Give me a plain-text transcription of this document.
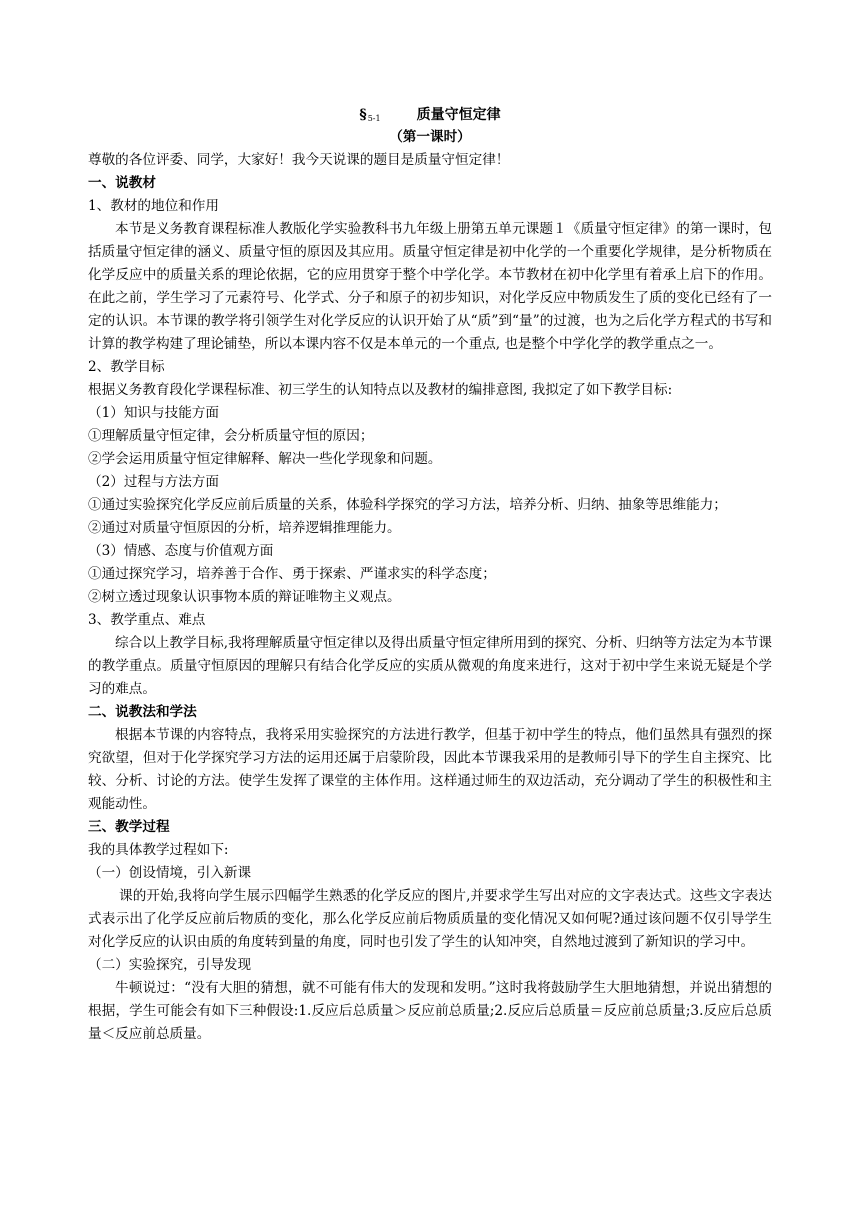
§5-1	质量守恒定律
（第一课时）

尊敬的各位评委、同学，大家好！我今天说课的题目是质量守恒定律！

一、说教材

1、教材的地位和作用

本节是义务教育课程标准人教版化学实验教科书九年级上册第五单元课题１《质量守恒定律》的第一课时，包括质量守恒定律的涵义、质量守恒的原因及其应用。质量守恒定律是初中化学的一个重要化学规律，是分析物质在化学反应中的质量关系的理论依据，它的应用贯穿于整个中学化学。本节教材在初中化学里有着承上启下的作用。在此之前，学生学习了元素符号、化学式、分子和原子的初步知识，对化学反应中物质发生了质的变化已经有了一定的认识。本节课的教学将引领学生对化学反应的认识开始了从“质”到“量”的过渡，也为之后化学方程式的书写和计算的教学构建了理论铺垫，所以本课内容不仅是本单元的一个重点, 也是整个中学化学的教学重点之一。

2、教学目标

根据义务教育段化学课程标准、初三学生的认知特点以及教材的编排意图, 我拟定了如下教学目标:

（1）知识与技能方面

①理解质量守恒定律，会分析质量守恒的原因；

②学会运用质量守恒定律解释、解决一些化学现象和问题。

（2）过程与方法方面

①通过实验探究化学反应前后质量的关系，体验科学探究的学习方法，培养分析、归纳、抽象等思维能力；

②通过对质量守恒原因的分析，培养逻辑推理能力。

（3）情感、态度与价值观方面

①通过探究学习，培养善于合作、勇于探索、严谨求实的科学态度；

②树立透过现象认识事物本质的辩证唯物主义观点。

3、教学重点、难点

综合以上教学目标,我将理解质量守恒定律以及得出质量守恒定律所用到的探究、分析、归纳等方法定为本节课的教学重点。质量守恒原因的理解只有结合化学反应的实质从微观的角度来进行，这对于初中学生来说无疑是个学习的难点。

二、说教法和学法

根据本节课的内容特点，我将采用实验探究的方法进行教学，但基于初中学生的特点，他们虽然具有强烈的探究欲望，但对于化学探究学习方法的运用还属于启蒙阶段，因此本节课我采用的是教师引导下的学生自主探究、比较、分析、讨论的方法。使学生发挥了课堂的主体作用。这样通过师生的双边活动，充分调动了学生的积极性和主观能动性。

三、教学过程

我的具体教学过程如下:

（一）创设情境，引入新课

课的开始,我将向学生展示四幅学生熟悉的化学反应的图片,并要求学生写出对应的文字表达式。这些文字表达式表示出了化学反应前后物质的变化，那么化学反应前后物质质量的变化情况又如何呢?通过该问题不仅引导学生对化学反应的认识由质的角度转到量的角度，同时也引发了学生的认知冲突，自然地过渡到了新知识的学习中。

（二）实验探究，引导发现

牛顿说过：“没有大胆的猜想，就不可能有伟大的发现和发明。”这时我将鼓励学生大胆地猜想，并说出猜想的根据，学生可能会有如下三种假设:1.反应后总质量＞反应前总质量;2.反应后总质量＝反应前总质量;3.反应后总质量＜反应前总质量。
